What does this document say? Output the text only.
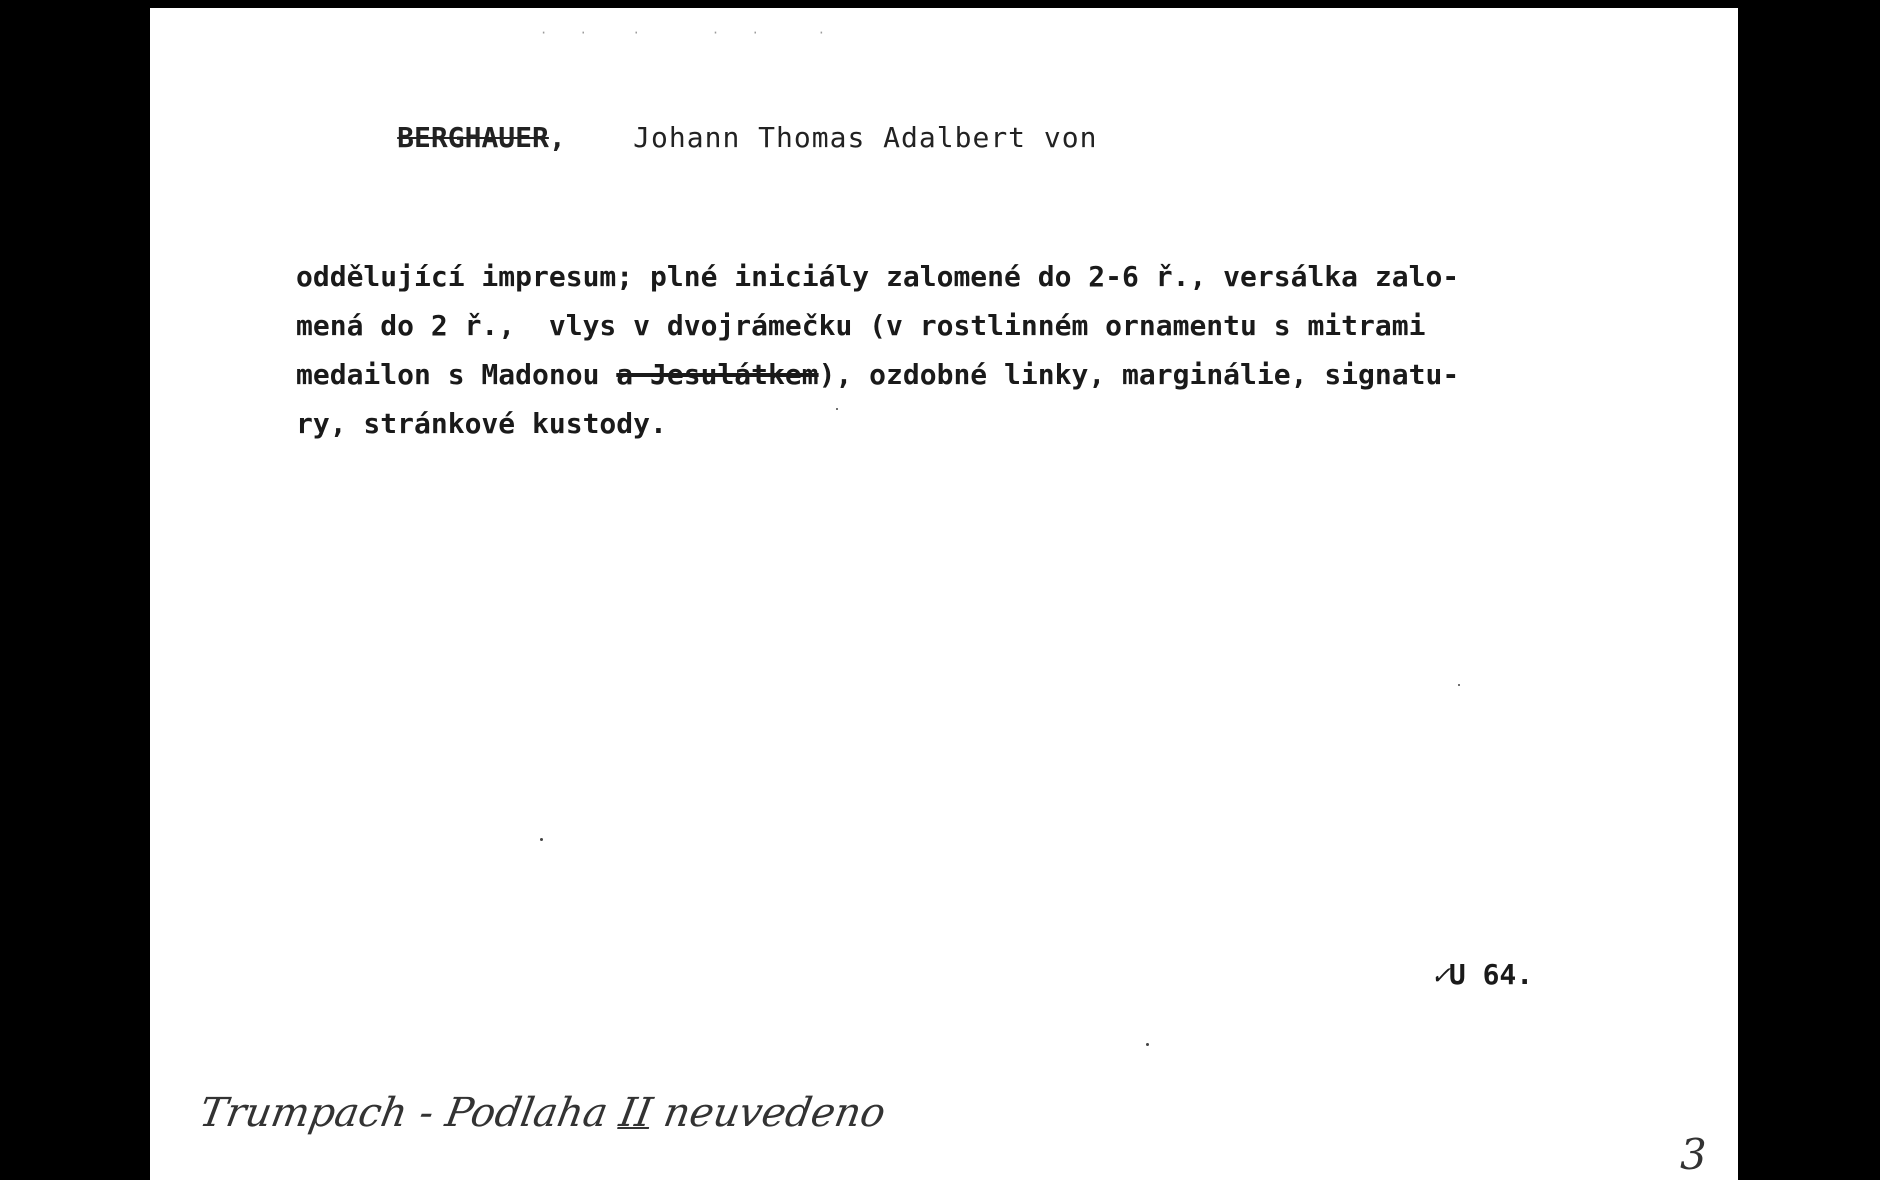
·  ·   ·     ·  ·    ·

BERGHAUER, Johann Thomas Adalbert von

oddělující impresum; plné iniciály zalomené do 2-6 ř., versálka zalo-
mená do 2 ř.,  vlys v dvojrámečku (v rostlinném ornamentu s mitrami
medailon s Madonou a Jesulátkem), ozdobné linky, marginálie, signatu-
ry, stránkové kustody.
✓U 64.
Trumpach - Podlaha II neuvedeno
3
